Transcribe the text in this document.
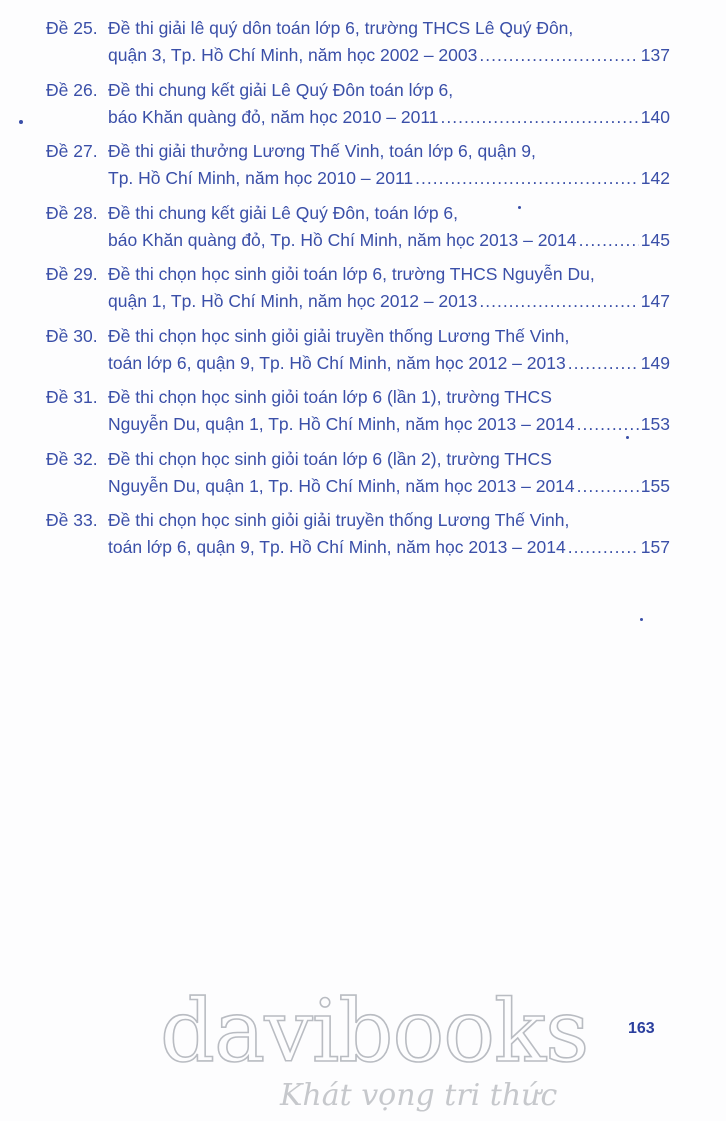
Đề 25. Đề thi giải lê quý dôn toán lớp 6, trường THCS Lê Quý Đôn,
quận 3, Tp. Hồ Chí Minh, năm học 2002 – 2003 .....	137
Đề 26. Đề thi chung kết giải Lê Quý Đôn toán lớp 6,
báo Khăn quàng đỏ, năm học 2010 – 2011 .....	140
Đề 27. Đề thi giải thưởng Lương Thế Vinh, toán lớp 6, quận 9,
Tp. Hồ Chí Minh, năm học 2010 – 2011 .....	142
Đề 28. Đề thi chung kết giải Lê Quý Đôn, toán lớp 6,
báo Khăn quàng đỏ, Tp. Hồ Chí Minh, năm học 2013 – 2014 .....	145
Đề 29. Đề thi chọn học sinh giỏi toán lớp 6, trường THCS Nguyễn Du,
quận 1, Tp. Hồ Chí Minh, năm học 2012 – 2013 .....	147
Đề 30. Đề thi chọn học sinh giỏi giải truyền thống Lương Thế Vinh,
toán lớp 6, quận 9, Tp. Hồ Chí Minh, năm học 2012 – 2013 .....	149
Đề 31. Đề thi chọn học sinh giỏi toán lớp 6 (lần 1), trường THCS
Nguyễn Du, quận 1, Tp. Hồ Chí Minh, năm học 2013 – 2014 .....	153
Đề 32. Đề thi chọn học sinh giỏi toán lớp 6 (lần 2), trường THCS
Nguyễn Du, quận 1, Tp. Hồ Chí Minh, năm học 2013 – 2014 .....	155
Đề 33. Đề thi chọn học sinh giỏi giải truyền thống Lương Thế Vinh,
toán lớp 6, quận 9, Tp. Hồ Chí Minh, năm học 2013 – 2014 .....	157
163
davibooks
Khát vọng tri thức
